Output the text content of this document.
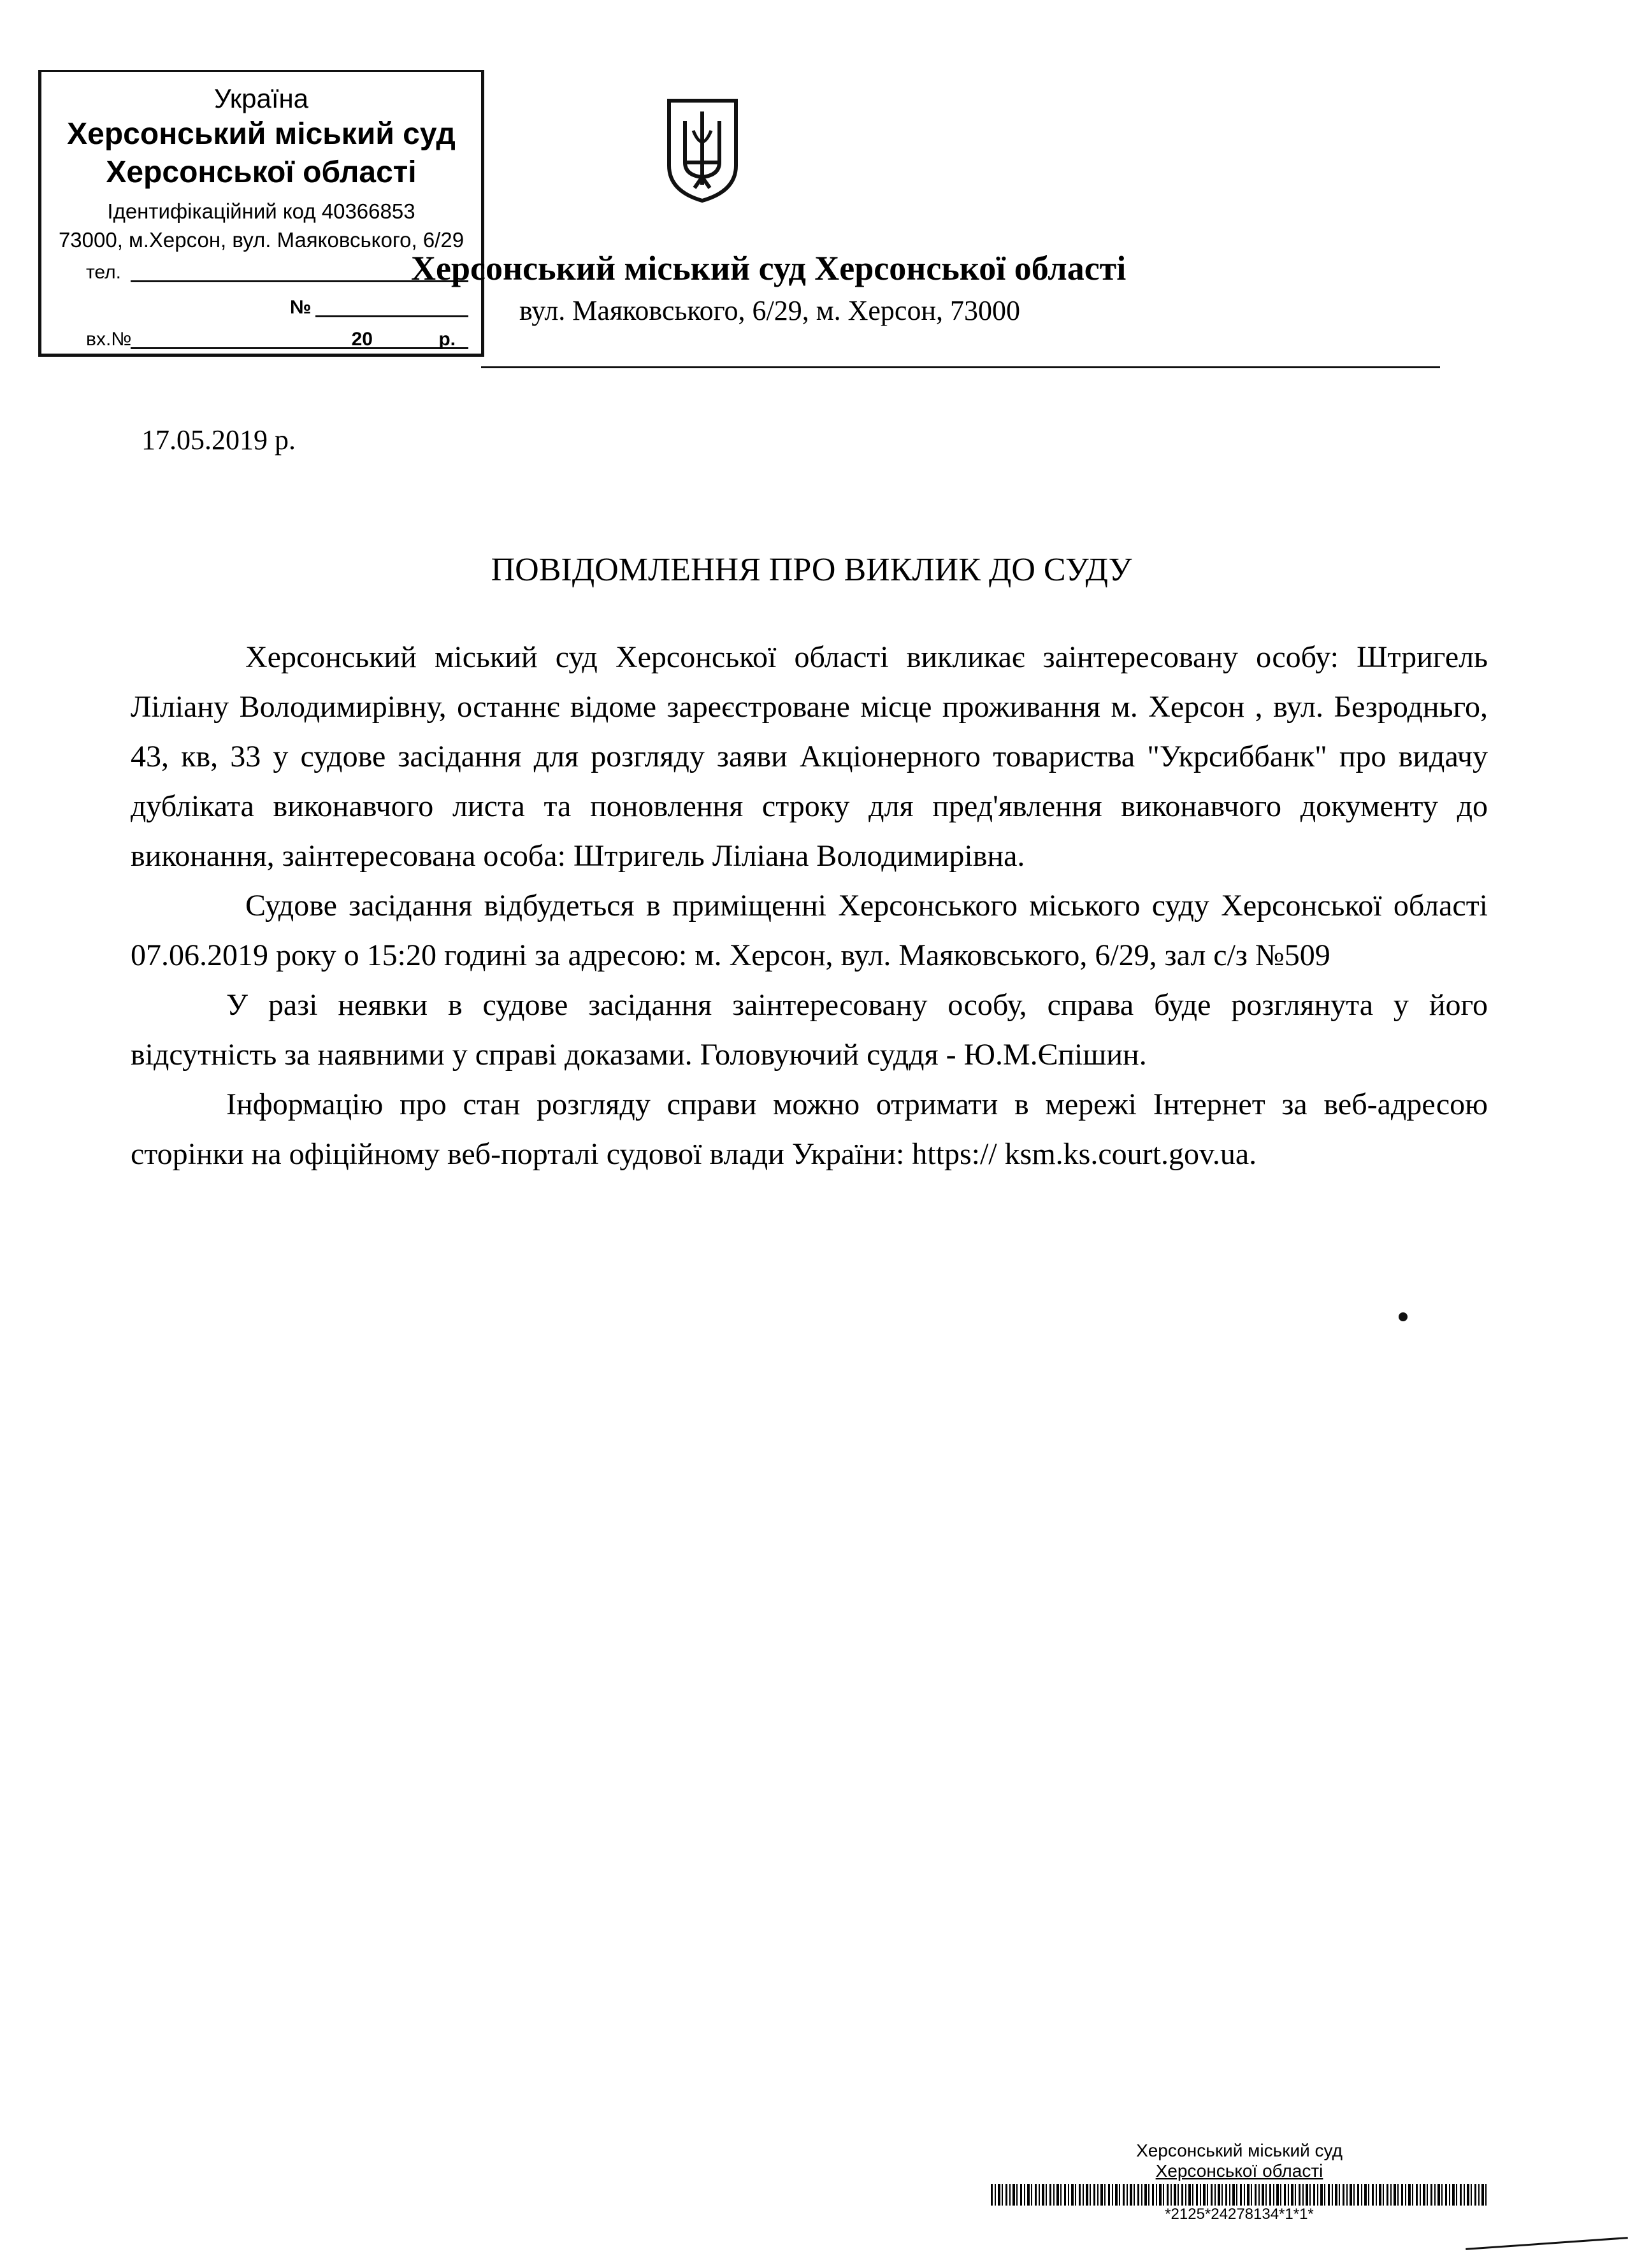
Україна
Херсонський міський суд
Херсонської області
Ідентифікаційний код 40366853
73000, м.Херсон, вул. Маяковського, 6/29
тел.
№
вх.№	20	р.
Херсонський міський суд Херсонської області
вул. Маяковського, 6/29, м. Херсон, 73000
17.05.2019 р.
ПОВІДОМЛЕННЯ ПРО ВИКЛИК ДО СУДУ

Херсонський міський суд Херсонської області викликає заінтересовану особу: Штригель Ліліану Володимирівну, останнє відоме зареєстроване місце проживання м. Херсон , вул. Безродньго, 43, кв, 33 у судове засідання для розгляду заяви Акціонерного товариства "Укрсиббанк" про видачу дубліката виконавчого листа та поновлення строку для пред'явлення виконавчого документу до виконання, заінтересована особа: Штригель Ліліана Володимирівна.

Судове засідання відбудеться в приміщенні Херсонського міського суду Херсонської області 07.06.2019 року о 15:20 годині за адресою: м. Херсон, вул. Маяковського, 6/29, зал с/з №509

У разі неявки в судове засідання заінтересовану особу, справа буде розглянута у його відсутність за наявними у справі доказами. Головуючий суддя - Ю.М.Єпішин.

Інформацію про стан розгляду справи можно отримати в мережі Інтернет за веб-адресою сторінки на офіційному веб-порталі судової влади України: https:// ksm.ks.court.gov.ua.

Херсонський міський суд
Херсонської області
*2125*24278134*1*1*
